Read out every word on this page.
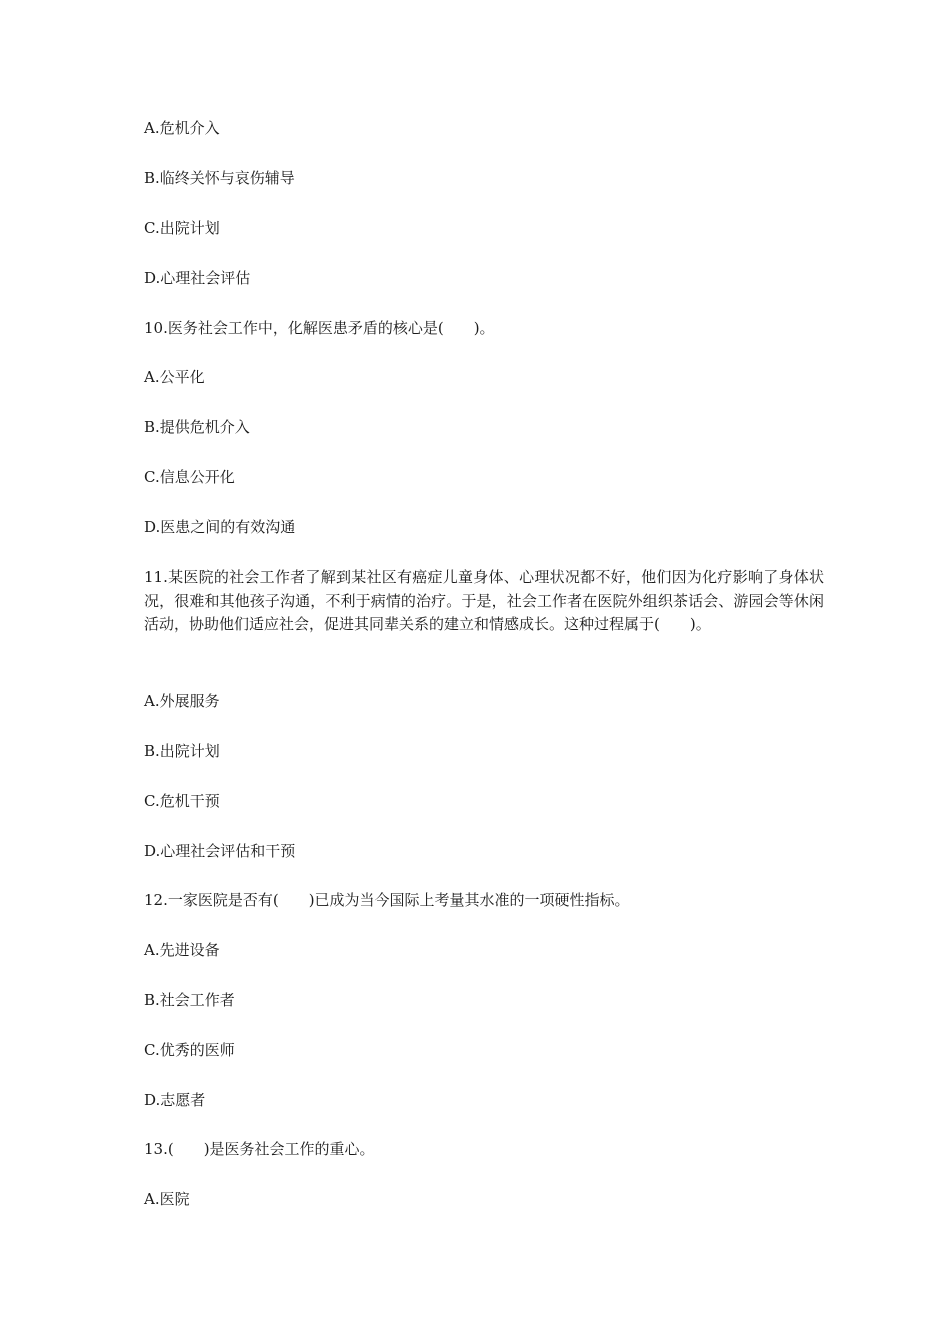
A.危机介入
B.临终关怀与哀伤辅导
C.出院计划
D.心理社会评估
10.医务社会工作中，化解医患矛盾的核心是(　　)。
A.公平化
B.提供危机介入
C.信息公开化
D.医患之间的有效沟通
11.某医院的社会工作者了解到某社区有癌症儿童身体、心理状况都不好，他们因为化疗影响了身体状况，很难和其他孩子沟通，不利于病情的治疗。于是，社会工作者在医院外组织茶话会、游园会等休闲活动，协助他们适应社会，促进其同辈关系的建立和情感成长。这种过程属于(　　)。
A.外展服务
B.出院计划
C.危机干预
D.心理社会评估和干预
12.一家医院是否有(　　)已成为当今国际上考量其水准的一项硬性指标。
A.先进设备
B.社会工作者
C.优秀的医师
D.志愿者
13.(　　)是医务社会工作的重心。
A.医院
